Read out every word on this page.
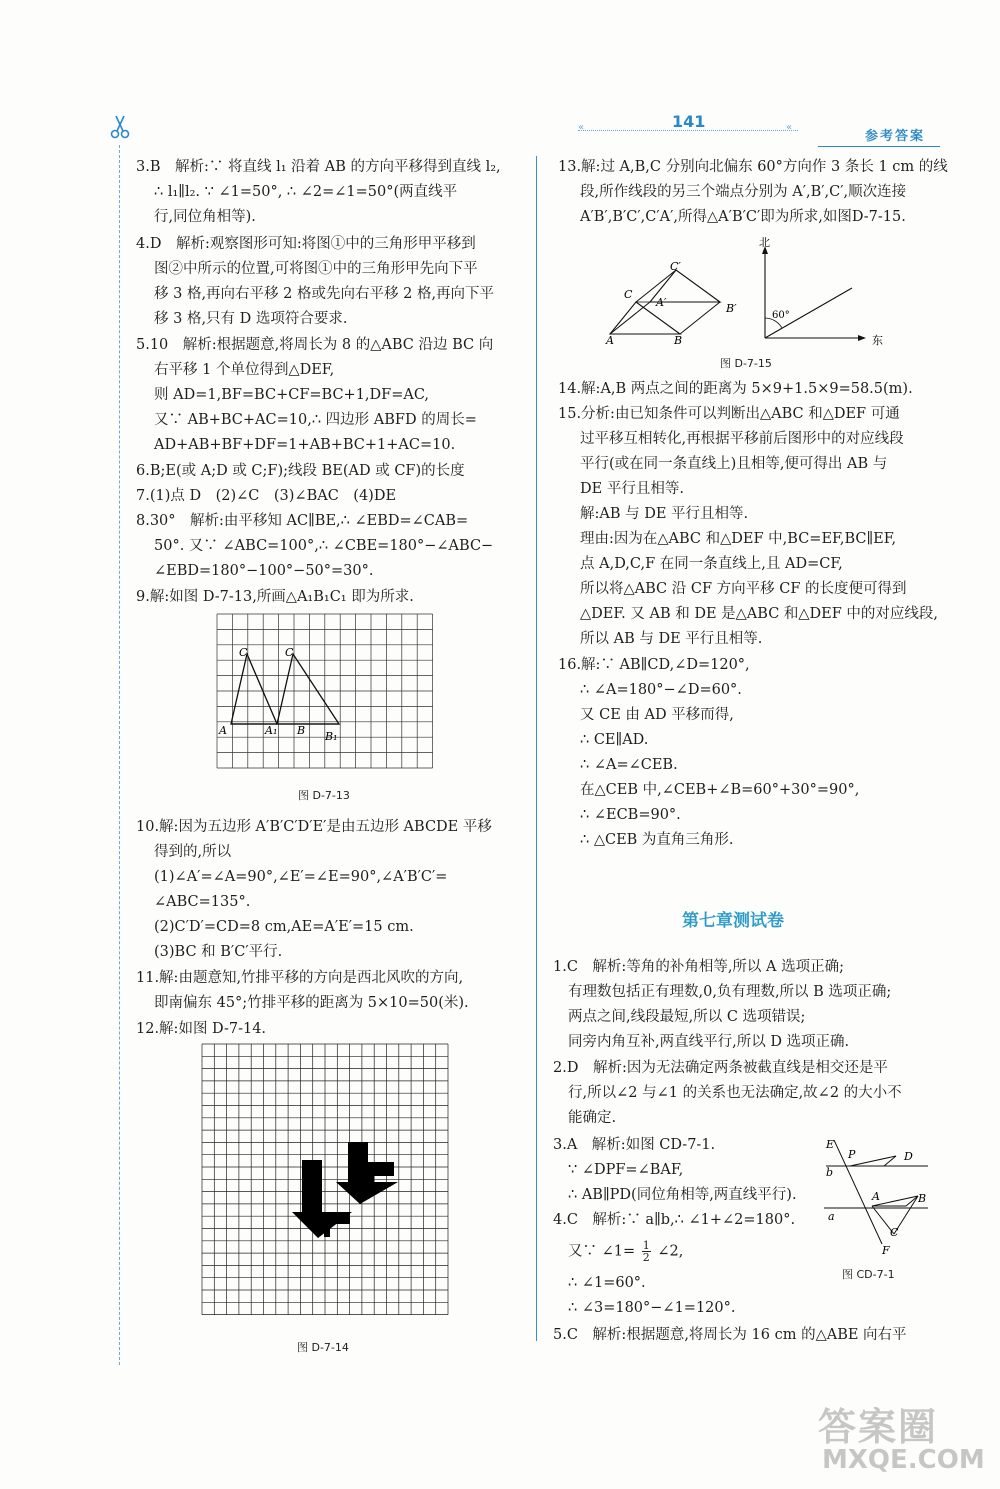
«	«
141
参考答案
3.B　解析:∵ 将直线 l₁ 沿着 AB 的方向平移得到直线 l₂,
∴ l₁∥l₂. ∵ ∠1=50°, ∴ ∠2=∠1=50°(两直线平
行,同位角相等).
4.D　解析:观察图形可知:将图①中的三角形甲平移到
图②中所示的位置,可将图①中的三角形甲先向下平
移 3 格,再向右平移 2 格或先向右平移 2 格,再向下平
移 3 格,只有 D 选项符合要求.
5.10　解析:根据题意,将周长为 8 的△ABC 沿边 BC 向
右平移 1 个单位得到△DEF,
则 AD=1,BF=BC+CF=BC+1,DF=AC,
又∵ AB+BC+AC=10,∴ 四边形 ABFD 的周长=
AD+AB+BF+DF=1+AB+BC+1+AC=10.
6.B;E(或 A;D 或 C;F);线段 BE(AD 或 CF)的长度
7.(1)点 D　(2)∠C　(3)∠BAC　(4)DE
8.30°　解析:由平移知 AC∥BE,∴ ∠EBD=∠CAB=
50°. 又∵ ∠ABC=100°,∴ ∠CBE=180°−∠ABC−
∠EBD=180°−100°−50°=30°.
9.解:如图 D-7-13,所画△A₁B₁C₁ 即为所求.
10.解:因为五边形 A′B′C′D′E′是由五边形 ABCDE 平移
得到的,所以
(1)∠A′=∠A=90°,∠E′=∠E=90°,∠A′B′C′=
∠ABC=135°.
(2)C′D′=CD=8 cm,AE=A′E′=15 cm.
(3)BC 和 B′C′平行.
11.解:由题意知,竹排平移的方向是西北风吹的方向,
即南偏东 45°;竹排平移的距离为 5×10=50(米).
12.解:如图 D-7-14.
C	C
A	A₁ B B₁
图 D-7-13
图 D-7-14
13.解:过 A,B,C 分别向北偏东 60°方向作 3 条长 1 cm 的线
段,所作线段的另三个端点分别为 A′,B′,C′,顺次连接
A′B′,B′C′,C′A′,所得△A′B′C′即为所求,如图D-7-15.
14.解:A,B 两点之间的距离为 5×9+1.5×9=58.5(m).
15.分析:由已知条件可以判断出△ABC 和△DEF 可通
过平移互相转化,再根据平移前后图形中的对应线段
平行(或在同一条直线上)且相等,便可得出 AB 与
DE 平行且相等.
解:AB 与 DE 平行且相等.
理由:因为在△ABC 和△DEF 中,BC=EF,BC∥EF,
点 A,D,C,F 在同一条直线上,且 AD=CF,
所以将△ABC 沿 CF 方向平移 CF 的长度便可得到
△DEF. 又 AB 和 DE 是△ABC 和△DEF 中的对应线段,
所以 AB 与 DE 平行且相等.
16.解:∵ AB∥CD,∠D=120°,
∴ ∠A=180°−∠D=60°.
又 CE 由 AD 平移而得,
∴ CE∥AD.
∴ ∠A=∠CEB.
在△CEB 中,∠CEB+∠B=60°+30°=90°,
∴ ∠ECB=90°.
∴ △CEB 为直角三角形.
C′
C
A′	B′
A	B
北
60°
东
图 D-7-15
第七章测试卷
1.C　解析:等角的补角相等,所以 A 选项正确;
有理数包括正有理数,0,负有理数,所以 B 选项正确;
两点之间,线段最短,所以 C 选项错误;
同旁内角互补,两直线平行,所以 D 选项正确.
2.D　解析:因为无法确定两条被截直线是相交还是平
行,所以∠2 与∠1 的关系也无法确定,故∠2 的大小不
能确定.
3.A　解析:如图 CD-7-1.
∵ ∠DPF=∠BAF,
∴ AB∥PD(同位角相等,两直线平行).
4.C　解析:∵ a∥b,∴ ∠1+∠2=180°.
又∵ ∠1= $\frac{1}{2}$ ∠2,
∴ ∠1=60°.
∴ ∠3=180°−∠1=120°.
5.C　解析:根据题意,将周长为 16 cm 的△ABE 向右平
E
P	D
b
A	B
a
C
F
图 CD-7-1
答案圈
MXQE.COM
